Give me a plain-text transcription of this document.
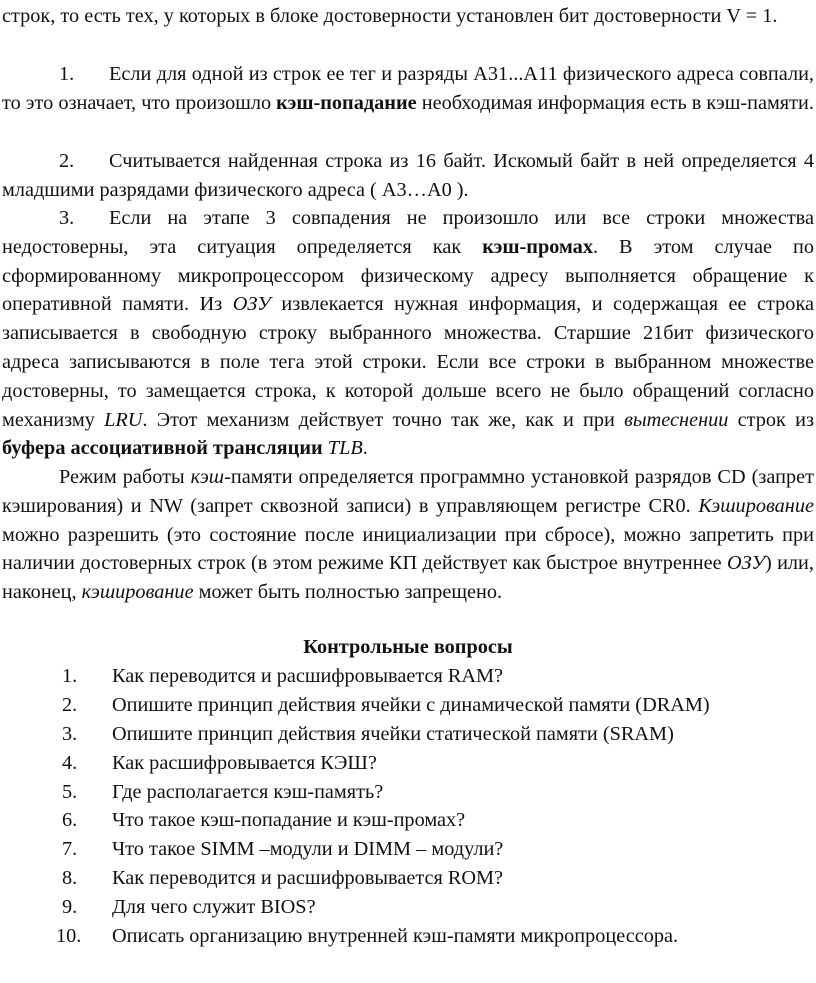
строк, то есть тех, у которых в блоке достоверности установлен бит достоверности V = 1.

1. Если для одной из строк ее тег и разряды A31...A11 физического адреса совпали, то это означает, что произошло кэш-попадание необходимая информация есть в кэш-памяти.

2. Считывается найденная строка из 16 байт. Искомый байт в ней определяется 4 младшими разрядами физического адреса ( A3…A0 ).

3. Если на этапе 3 совпадения не произошло или все строки множества недостоверны, эта ситуация определяется как кэш-промах. В этом случае по сформированному микропроцессором физическому адресу выполняется обращение к оперативной памяти. Из ОЗУ извлекается нужная информация, и содержащая ее строка записывается в свободную строку выбранного множества. Старшие 21бит физического адреса записываются в поле тега этой строки. Если все строки в выбранном множестве достоверны, то замещается строка, к которой дольше всего не было обращений согласно механизму LRU. Этот механизм действует точно так же, как и при вытеснении строк из буфера ассоциативной трансляции TLB.

Режим работы кэш-памяти определяется программно установкой разрядов CD (запрет кэширования) и NW (запрет сквозной записи) в управляющем регистре CR0. Кэширование можно разрешить (это состояние после инициализации при сбросе), можно запретить при наличии достоверных строк (в этом режиме КП действует как быстрое внутреннее ОЗУ) или, наконец, кэширование может быть полностью запрещено.

Контрольные вопросы
1. Как переводится и расшифровывается RAM?
2. Опишите принцип действия ячейки с динамической памяти (DRAM)
3. Опишите принцип действия ячейки статической памяти (SRAM)
4. Как расшифровывается КЭШ?
5. Где располагается кэш-память?
6. Что такое кэш-попадание и кэш-промах?
7. Что такое SIMM –модули и DIMM – модули?
8. Как переводится и расшифровывается ROM?
9. Для чего служит BIOS?
10. Описать организацию внутренней кэш-памяти микропроцессора.
